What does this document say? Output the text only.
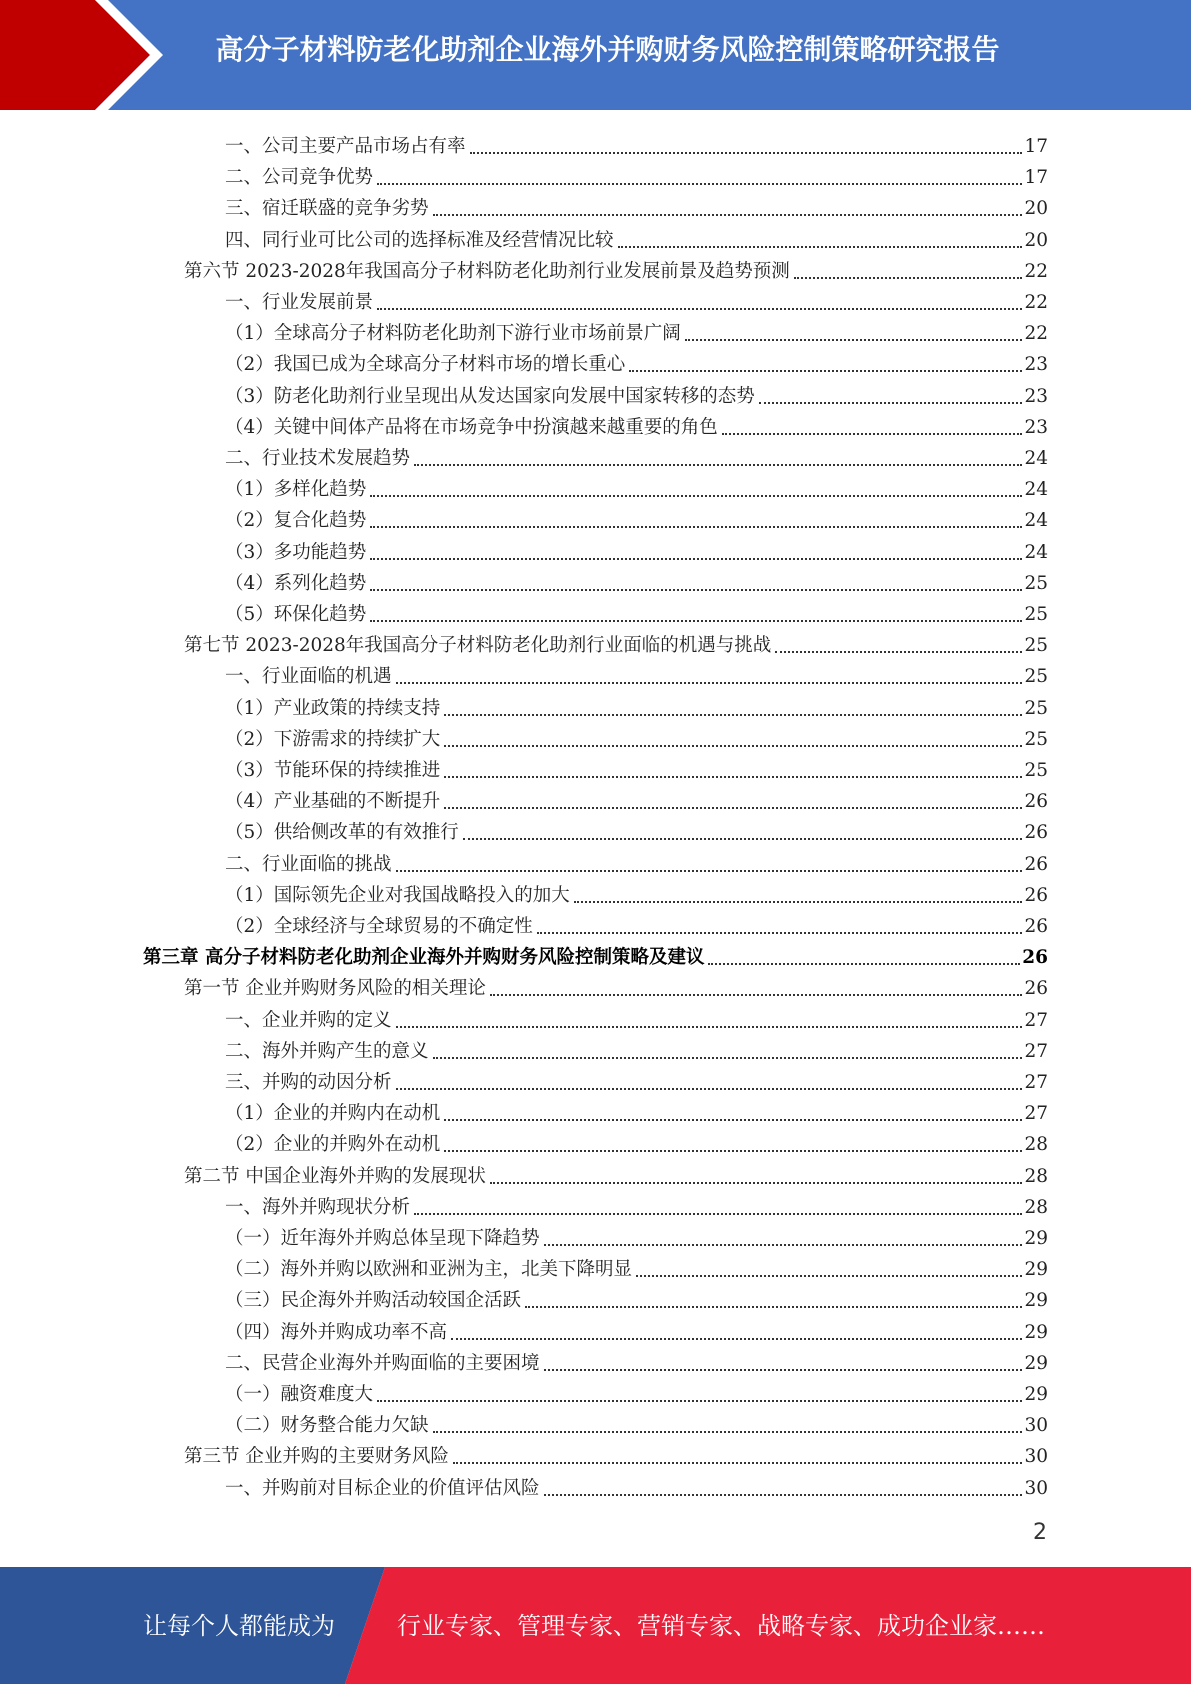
高分子材料防老化助剂企业海外并购财务风险控制策略研究报告
一、公司主要产品市场占有率	17
二、公司竞争优势	17
三、宿迁联盛的竞争劣势	20
四、同行业可比公司的选择标准及经营情况比较	20
第六节 2023-2028年我国高分子材料防老化助剂行业发展前景及趋势预测	22
一、行业发展前景	22
（1）全球高分子材料防老化助剂下游行业市场前景广阔	22
（2）我国已成为全球高分子材料市场的增长重心	23
（3）防老化助剂行业呈现出从发达国家向发展中国家转移的态势	23
（4）关键中间体产品将在市场竞争中扮演越来越重要的角色	23
二、行业技术发展趋势	24
（1）多样化趋势	24
（2）复合化趋势	24
（3）多功能趋势	24
（4）系列化趋势	25
（5）环保化趋势	25
第七节 2023-2028年我国高分子材料防老化助剂行业面临的机遇与挑战	25
一、行业面临的机遇	25
（1）产业政策的持续支持	25
（2）下游需求的持续扩大	25
（3）节能环保的持续推进	25
（4）产业基础的不断提升	26
（5）供给侧改革的有效推行	26
二、行业面临的挑战	26
（1）国际领先企业对我国战略投入的加大	26
（2）全球经济与全球贸易的不确定性	26
第三章 高分子材料防老化助剂企业海外并购财务风险控制策略及建议	26
第一节 企业并购财务风险的相关理论	26
一、企业并购的定义	27
二、海外并购产生的意义	27
三、并购的动因分析	27
（1）企业的并购内在动机	27
（2）企业的并购外在动机	28
第二节 中国企业海外并购的发展现状	28
一、海外并购现状分析	28
（一）近年海外并购总体呈现下降趋势	29
（二）海外并购以欧洲和亚洲为主，北美下降明显	29
（三）民企海外并购活动较国企活跃	29
（四）海外并购成功率不高	29
二、民营企业海外并购面临的主要困境	29
（一）融资难度大	29
（二）财务整合能力欠缺	30
第三节 企业并购的主要财务风险	30
一、并购前对目标企业的价值评估风险	30
2
让每个人都能成为	行业专家、管理专家、营销专家、战略专家、成功企业家……
